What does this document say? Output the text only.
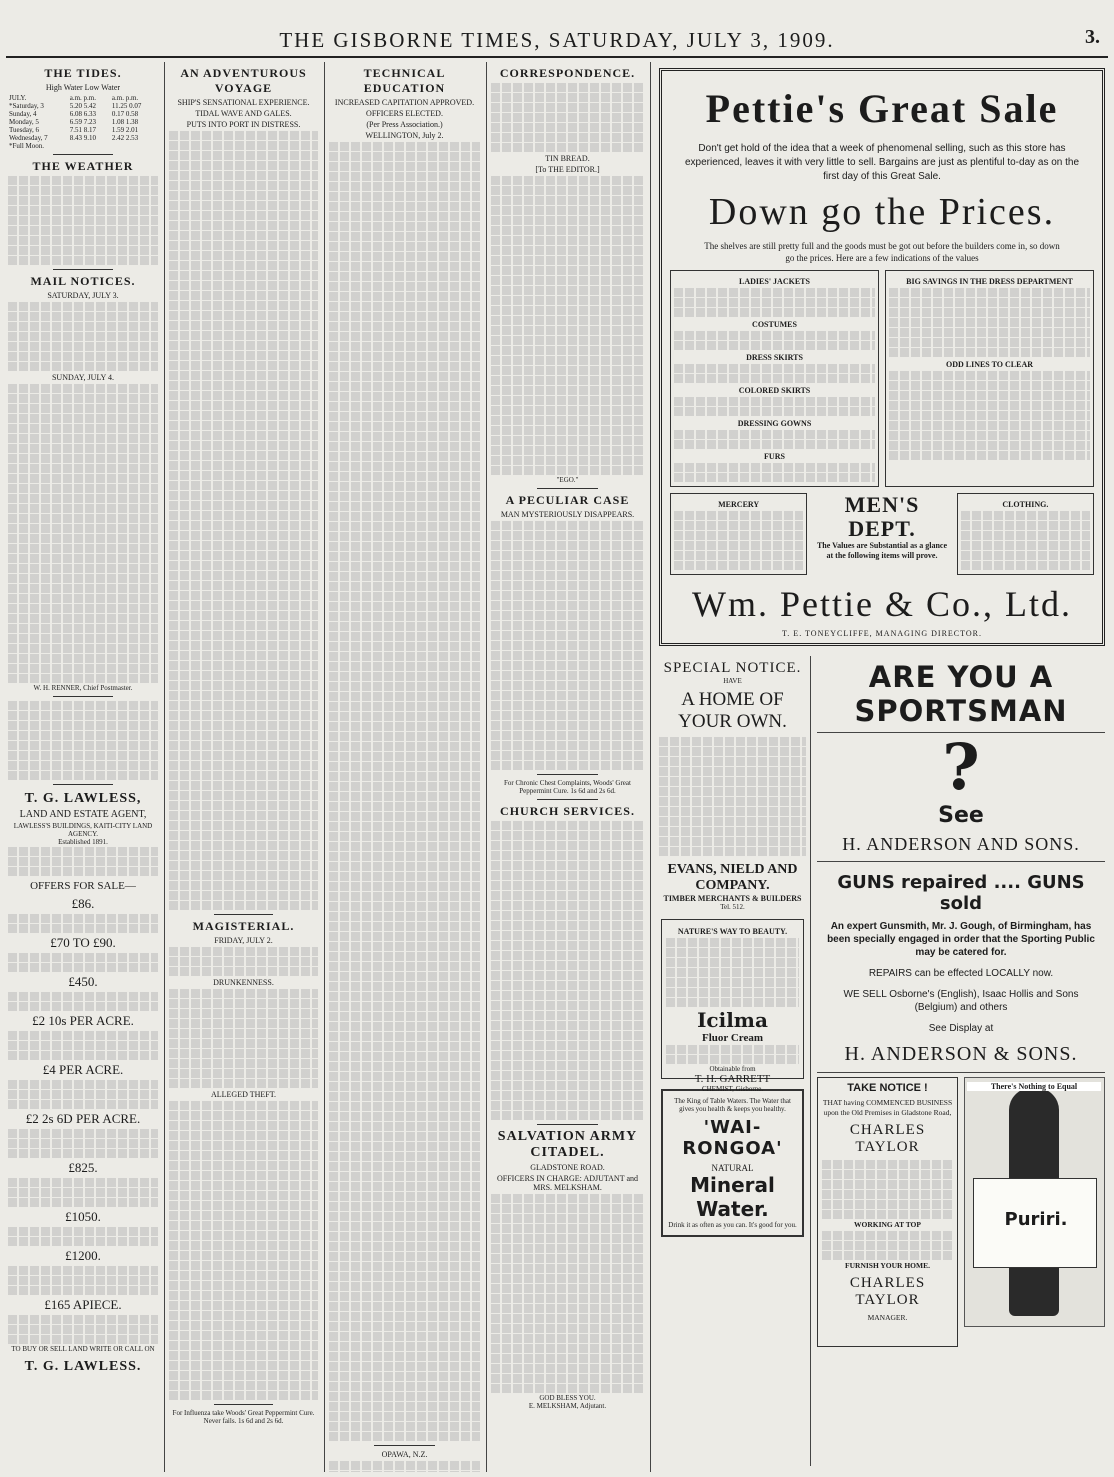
THE GISBORNE TIMES, SATURDAY, JULY 3, 1909.	3.
THE TIDES.
High Water Low Water
JULY.	a.m. p.m.	a.m. p.m.
*Saturday, 3	5.20 5.42	11.25 0.07
Sunday, 4	6.08 6.33	0.17 0.58
Monday, 5	6.59 7.23	1.08 1.38
Tuesday, 6	7.51 8.17	1.59 2.01
Wednesday, 7	8.43 9.10	2.42 2.53
*Full Moon.		
THE WEATHER
MAIL NOTICES.
SATURDAY, JULY 3.
SUNDAY, JULY 4.
W. H. RENNER, Chief Postmaster.
T. G. LAWLESS,
LAND AND ESTATE AGENT,
LAWLESS'S BUILDINGS, KAITI-CITY LAND AGENCY.
Established 1891.
OFFERS FOR SALE—
£86.
£70 TO £90.
£450.
£2 10s PER ACRE.
£4 PER ACRE.
£2 2s 6D PER ACRE.
£825.
£1050.
£1200.
£165 APIECE.
TO BUY OR SELL LAND WRITE OR CALL ON
T. G. LAWLESS.
AN ADVENTUROUS VOYAGE
SHIP'S SENSATIONAL EXPERIENCE.
TIDAL WAVE AND GALES.
PUTS INTO PORT IN DISTRESS.
MAGISTERIAL.
FRIDAY, JULY 2.
DRUNKENNESS.
ALLEGED THEFT.
For Influenza take Woods' Great Peppermint Cure. Never fails. 1s 6d and 2s 6d.
TECHNICAL EDUCATION
INCREASED CAPITATION APPROVED.
OFFICERS ELECTED.
(Per Press Association.)
WELLINGTON, July 2.
OPAWA, N.Z.
CORRESPONDENCE.
TIN BREAD.
[To THE EDITOR.]
"EGO."
A PECULIAR CASE
MAN MYSTERIOUSLY DISAPPEARS.
For Chronic Chest Complaints, Woods' Great Peppermint Cure. 1s 6d and 2s 6d.
CHURCH SERVICES.
SALVATION ARMY CITADEL.
GLADSTONE ROAD.
OFFICERS IN CHARGE: ADJUTANT and MRS. MELKSHAM.
GOD BLESS YOU.
E. MELKSHAM, Adjutant.
Pettie's Great Sale
Don't get hold of the idea that a week of phenomenal selling, such as this store has experienced, leaves it with very little to sell. Bargains are just as plentiful to-day as on the first day of this Great Sale.
Down go the Prices.
The shelves are still pretty full and the goods must be got out before the builders come in, so down go the prices. Here are a few indications of the values
LADIES' JACKETS
COSTUMES
DRESS SKIRTS
COLORED SKIRTS
DRESSING GOWNS
FURS
BIG SAVINGS IN THE DRESS DEPARTMENT
ODD LINES TO CLEAR
MERCERY	MEN'S DEPT.
The Values are Substantial as a glance at the following items will prove.
CLOTHING.
Wm. Pettie & Co., Ltd.
T. E. TONEYCLIFFE, MANAGING DIRECTOR.
SPECIAL NOTICE.
HAVE
A HOME OF YOUR OWN.
EVANS, NIELD AND COMPANY.
TIMBER MERCHANTS & BUILDERS
Tel. 512.
NATURE'S WAY TO BEAUTY.
Icilma
Fluor Cream
Obtainable from
T. H. GARRETT
CHEMIST, Gisborne.
The King of Table Waters. The Water that gives you health & keeps you healthy.
'WAI-RONGOA'
NATURAL
Mineral Water.
Drink it as often as you can. It's good for you.
ARE YOU A SPORTSMAN
?
See
H. ANDERSON AND SONS.
GUNS repaired .... GUNS sold
An expert Gunsmith, Mr. J. Gough, of Birmingham, has been specially engaged in order that the Sporting Public may be catered for.
REPAIRS can be effected LOCALLY now.
WE SELL Osborne's (English), Isaac Hollis and Sons (Belgium) and others
See Display at
H. ANDERSON & SONS.
TAKE NOTICE !
THAT having COMMENCED BUSINESS upon the Old Premises in Gladstone Road,
CHARLES TAYLOR
WORKING AT TOP
FURNISH YOUR HOME.
CHARLES TAYLOR
MANAGER.
There's Nothing to Equal
Puriri.
